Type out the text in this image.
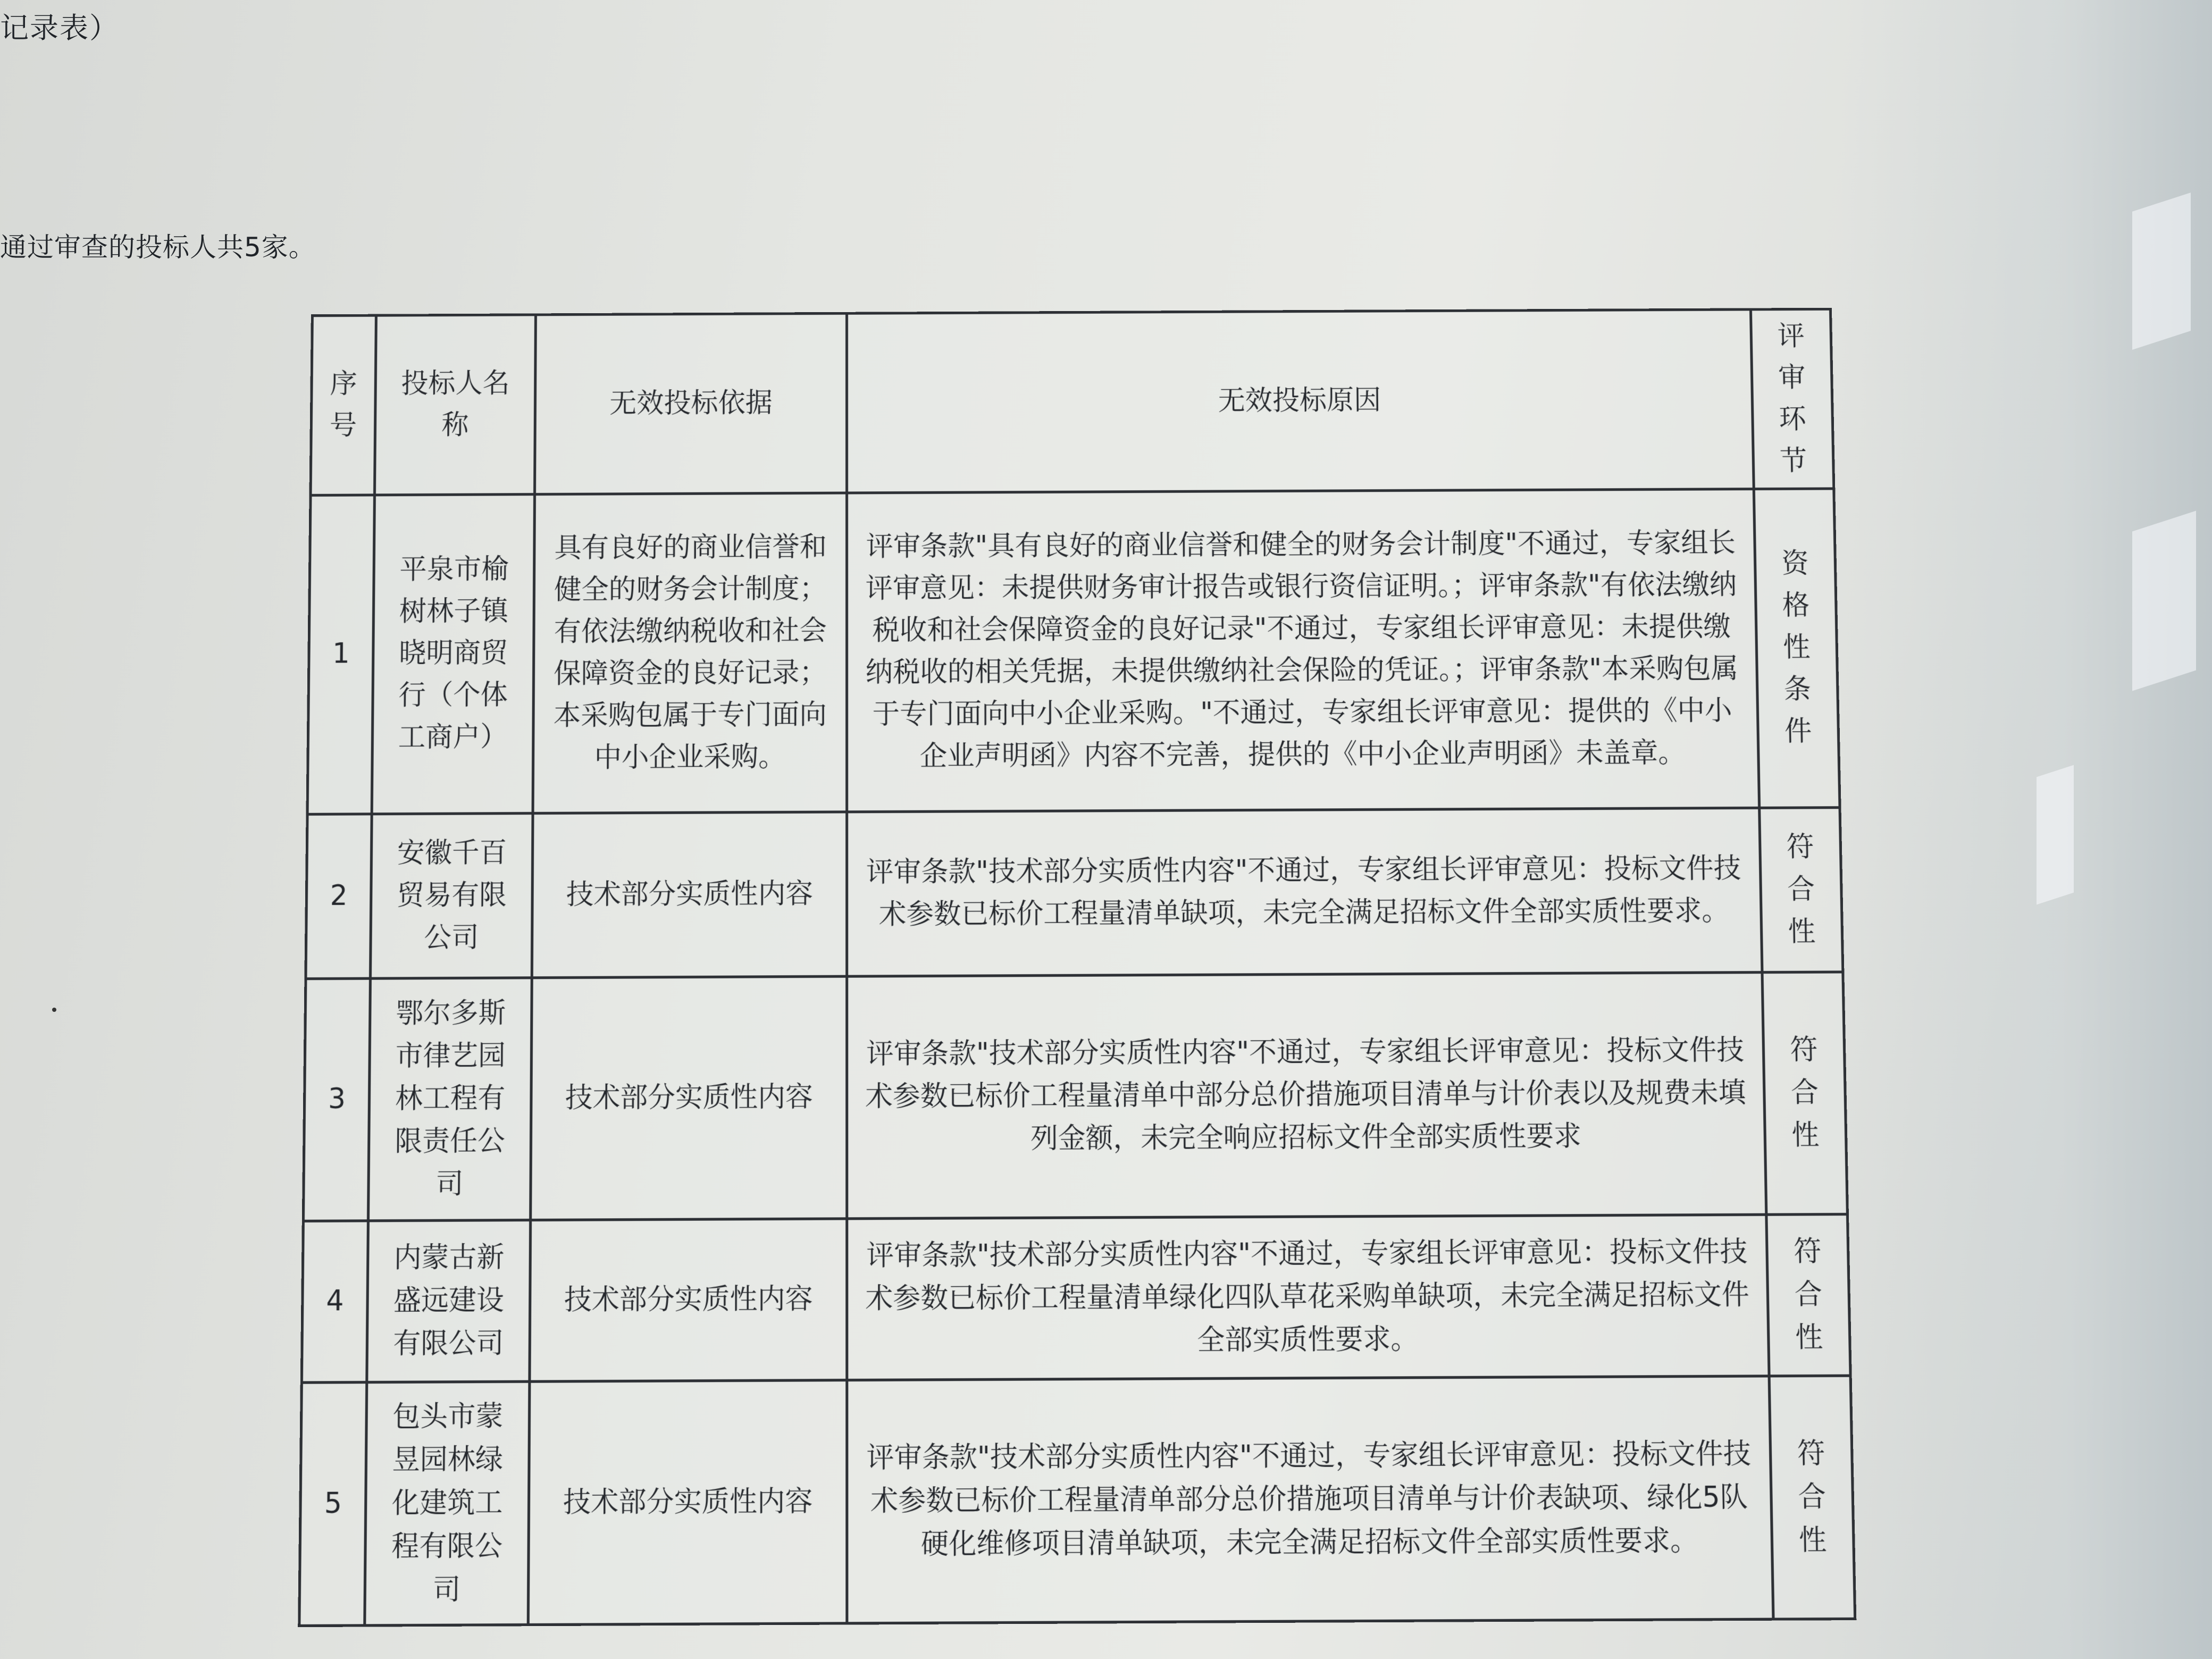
记录表）
通过审查的投标人共5家。
序号	投标人名称	无效投标依据	无效投标原因	评审环节
1	平泉市榆树林子镇晓明商贸行（个体工商户）	具有良好的商业信誉和健全的财务会计制度；有依法缴纳税收和社会保障资金的良好记录；本采购包属于专门面向中小企业采购。	评审条款"具有良好的商业信誉和健全的财务会计制度"不通过，专家组长评审意见：未提供财务审计报告或银行资信证明。；评审条款"有依法缴纳税收和社会保障资金的良好记录"不通过，专家组长评审意见：未提供缴纳税收的相关凭据，未提供缴纳社会保险的凭证。；评审条款"本采购包属于专门面向中小企业采购。"不通过，专家组长评审意见：提供的《中小企业声明函》内容不完善，提供的《中小企业声明函》未盖章。	资格性条件
2	安徽千百贸易有限公司	技术部分实质性内容	评审条款"技术部分实质性内容"不通过，专家组长评审意见：投标文件技术参数已标价工程量清单缺项，未完全满足招标文件全部实质性要求。	符合性
3	鄂尔多斯市律艺园林工程有限责任公司	技术部分实质性内容	评审条款"技术部分实质性内容"不通过，专家组长评审意见：投标文件技术参数已标价工程量清单中部分总价措施项目清单与计价表以及规费未填列金额，未完全响应招标文件全部实质性要求	符合性
4	内蒙古新盛远建设有限公司	技术部分实质性内容	评审条款"技术部分实质性内容"不通过，专家组长评审意见：投标文件技术参数已标价工程量清单绿化四队草花采购单缺项，未完全满足招标文件全部实质性要求。	符合性
5	包头市蒙昱园林绿化建筑工程有限公司	技术部分实质性内容	评审条款"技术部分实质性内容"不通过，专家组长评审意见：投标文件技术参数已标价工程量清单部分总价措施项目清单与计价表缺项、绿化5队硬化维修项目清单缺项，未完全满足招标文件全部实质性要求。	符合性
